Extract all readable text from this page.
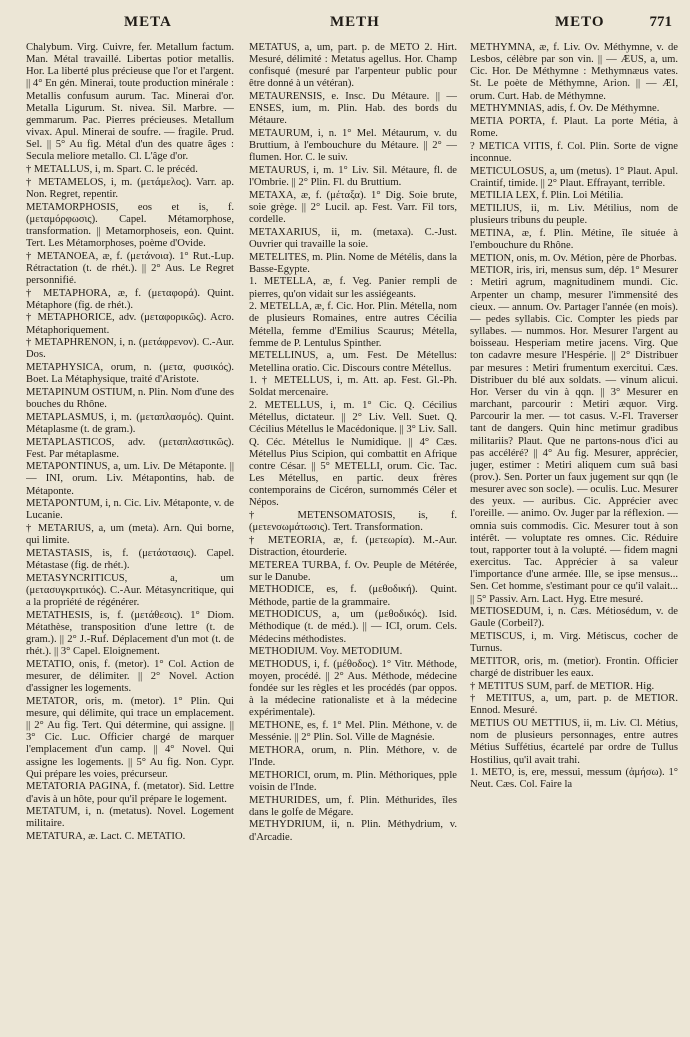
META	METH	METO	771

Chalybum. Virg. Cuivre, fer. Metallum factum. Man. Métal travaillé. Libertas potior metallis. Hor. La liberté plus précieuse que l'or et l'argent. || 4° En gén. Minerai, toute production minérale : Metallis confusum aurum. Tac. Minerai d'or. Metalla Ligurum. St. nivea. Sil. Marbre. — gemmarum. Pac. Pierres précieuses. Metallum vivax. Apul. Minerai de soufre. — fragile. Prud. Sel. || 5° Au fig. Métal d'un des quatre âges : Secula meliore metallo. Cl. L'âge d'or.

† METALLUS, i, m. Spart. C. le précéd.

† METAMELOS, i, m. (μετάμελος). Varr. ap. Non. Regret, repentir.

METAMORPHOSIS, eos et is, f. (μεταμόρφωσις). Capel. Métamorphose, transformation. || Metamorphoseis, eon. Quint. Tert. Les Métamorphoses, poème d'Ovide.

† METANOEA, æ, f. (μετάνοια). 1° Rut.-Lup. Rétractation (t. de rhét.). || 2° Aus. Le Regret personnifié.

† METAPHORA, æ, f. (μεταφορά). Quint. Métaphore (fig. de rhét.).

† METAPHORICE, adv. (μεταφορικῶς). Acro. Métaphoriquement.

† METAPHRENON, i, n. (μετάφρενον). C.-Aur. Dos.

METAPHYSICA, orum, n. (μετα, φυσικός). Boet. La Métaphysique, traité d'Aristote.

METAPINUM OSTIUM, n. Plin. Nom d'une des bouches du Rhône.

METAPLASMUS, i, m. (μεταπλασμός). Quint. Métaplasme (t. de gram.).

METAPLASTICOS, adv. (μεταπλαστικῶς). Fest. Par métaplasme.

METAPONTINUS, a, um. Liv. De Métaponte. || — INI, orum. Liv. Métapontins, hab. de Métaponte.

METAPONTUM, i, n. Cic. Liv. Métaponte, v. de Lucanie.

† METARIUS, a, um (meta). Arn. Qui borne, qui limite.

METASTASIS, is, f. (μετάστασις). Capel. Métastase (fig. de rhét.).

METASYNCRITICUS, a, um (μετασυγκριτικός). C.-Aur. Métasyncritique, qui a la propriété de régénérer.

METATHESIS, is, f. (μετάθεσις). 1° Diom. Métathèse, transposition d'une lettre (t. de gram.). || 2° J.-Ruf. Déplacement d'un mot (t. de rhét.). || 3° Capel. Eloignement.

METATIO, onis, f. (metor). 1° Col. Action de mesurer, de délimiter. || 2° Novel. Action d'assigner les logements.

METATOR, oris, m. (metor). 1° Plin. Qui mesure, qui délimite, qui trace un emplacement. || 2° Au fig. Tert. Qui détermine, qui assigne. || 3° Cic. Luc. Officier chargé de marquer l'emplacement d'un camp. || 4° Novel. Qui assigne les logements. || 5° Au fig. Non. Cypr. Qui prépare les voies, précurseur.

METATORIA PAGINA, f. (metator). Sid. Lettre d'avis à un hôte, pour qu'il prépare le logement.

METATUM, i, n. (metatus). Novel. Logement militaire.

METATURA, æ. Lact. C. METATIO.

METATUS, a, um, part. p. de METO 2. Hirt. Mesuré, délimité : Metatus agellus. Hor. Champ confisqué (mesuré par l'arpenteur public pour être donné à un vétéran).

METAURENSIS, e. Insc. Du Métaure. || — ENSES, ium, m. Plin. Hab. des bords du Métaure.

METAURUM, i, n. 1° Mel. Métaurum, v. du Bruttium, à l'embouchure du Métaure. || 2° — flumen. Hor. C. le suiv.

METAURUS, i, m. 1° Liv. Sil. Métaure, fl. de l'Ombrie. || 2° Plin. Fl. du Bruttium.

METAXA, æ, f. (μέταξα). 1° Dig. Soie brute, soie grège. || 2° Lucil. ap. Fest. Varr. Fil tors, cordelle.

METAXARIUS, ii, m. (metaxa). C.-Just. Ouvrier qui travaille la soie.

METELITES, m. Plin. Nome de Métélis, dans la Basse-Egypte.

1. METELLA, æ, f. Veg. Panier rempli de pierres, qu'on vidait sur les assiégeants.

2. METELLA, æ, f. Cic. Hor. Plin. Métella, nom de plusieurs Romaines, entre autres Cécilia Métella, femme d'Emilius Scaurus; Métella, femme de P. Lentulus Spinther.

METELLINUS, a, um. Fest. De Métellus: Metellina oratio. Cic. Discours contre Métellus.

1. † METELLUS, i, m. Att. ap. Fest. Gl.-Ph. Soldat mercenaire.

2. METELLUS, i, m. 1° Cic. Q. Cécilius Métellus, dictateur. || 2° Liv. Vell. Suet. Q. Cécilius Métellus le Macédonique. || 3° Liv. Sall. Q. Céc. Métellus le Numidique. || 4° Cæs. Métellus Pius Scipion, qui combattit en Afrique contre César. || 5° METELLI, orum. Cic. Tac. Les Métellus, en partic. deux frères contemporains de Cicéron, surnommés Céler et Népos.

† METENSOMATOSIS, is, f. (μετενσωμάτωσις). Tert. Transformation.

† METEORIA, æ, f. (μετεωρία). M.-Aur. Distraction, étourderie.

METEREA TURBA, f. Ov. Peuple de Métérée, sur le Danube.

METHODICE, es, f. (μεθοδική). Quint. Méthode, partie de la grammaire.

METHODICUS, a, um (μεθοδικός). Isid. Méthodique (t. de méd.). || — ICI, orum. Cels. Médecins méthodistes.

METHODIUM. Voy. METODIUM.

METHODUS, i, f. (μέθοδος). 1° Vitr. Méthode, moyen, procédé. || 2° Aus. Méthode, médecine fondée sur les règles et les procédés (par oppos. à la médecine rationaliste et à la médecine expérimentale).

METHONE, es, f. 1° Mel. Plin. Méthone, v. de Messénie. || 2° Plin. Sol. Ville de Magnésie.

METHORA, orum, n. Plin. Méthore, v. de l'Inde.

METHORICI, orum, m. Plin. Méthoriques, pple voisin de l'Inde.

METHURIDES, um, f. Plin. Méthurides, îles dans le golfe de Mégare.

METHYDRIUM, ii, n. Plin. Méthydrium, v. d'Arcadie.

METHYMNA, æ, f. Liv. Ov. Méthymne, v. de Lesbos, célèbre par son vin. || — ÆUS, a, um. Cic. Hor. De Méthymne : Methymnæus vates. St. Le poète de Méthymne, Arion. || — ÆI, orum. Curt. Hab. de Méthymne.

METHYMNIAS, adis, f. Ov. De Méthymne.

METIA PORTA, f. Plaut. La porte Métia, à Rome.

? METICA VITIS, f. Col. Plin. Sorte de vigne inconnue.

METICULOSUS, a, um (metus). 1° Plaut. Apul. Craintif, timide. || 2° Plaut. Effrayant, terrible.

METILIA LEX, f. Plin. Loi Métilia.

METILIUS, ii, m. Liv. Métilius, nom de plusieurs tribuns du peuple.

METINA, æ, f. Plin. Métine, île située à l'embouchure du Rhône.

METION, onis, m. Ov. Métion, père de Phorbas.

METIOR, iris, iri, mensus sum, dép. 1° Mesurer : Metiri agrum, magnitudinem mundi. Cic. Arpenter un champ, mesurer l'immensité des cieux. — annum. Ov. Partager l'année (en mois). — pedes syllabis. Cic. Compter les pieds par syllabes. — nummos. Hor. Mesurer l'argent au boisseau. Hesperiam metire jacens. Virg. Que ton cadavre mesure l'Hespérie. || 2° Distribuer par mesures : Metiri frumentum exercitui. Cæs. Distribuer du blé aux soldats. — vinum alicui. Hor. Verser du vin à qqn. || 3° Mesurer en marchant, parcourir : Metiri æquor. Virg. Parcourir la mer. — tot casus. V.-Fl. Traverser tant de dangers. Quin hinc metimur gradibus militariis? Plaut. Que ne partons-nous d'ici au pas accéléré? || 4° Au fig. Mesurer, apprécier, juger, estimer : Metiri aliquem cum suâ basi (prov.). Sen. Porter un faux jugement sur qqn (le mesurer avec son socle). — oculis. Luc. Mesurer des yeux. — auribus. Cic. Apprécier avec l'oreille. — animo. Ov. Juger par la réflexion. — omnia suis commodis. Cic. Mesurer tout à son intérêt. — voluptate res omnes. Cic. Réduire tout, rapporter tout à la volupté. — fidem magni exercitus. Tac. Apprécier à sa valeur l'importance d'une armée. Ille, se ipse mensus... Sen. Cet homme, s'estimant pour ce qu'il valait... || 5° Passiv. Arn. Lact. Hyg. Etre mesuré.

METIOSEDUM, i, n. Cæs. Métiosédum, v. de Gaule (Corbeil?).

METISCUS, i, m. Virg. Métiscus, cocher de Turnus.

METITOR, oris, m. (metior). Frontin. Officier chargé de distribuer les eaux.

† METITUS SUM, parf. de METIOR. Hig.

† METITUS, a, um, part. p. de METIOR. Ennod. Mesuré.

METIUS OU METTIUS, ii, m. Liv. Cl. Métius, nom de plusieurs personnages, entre autres Métius Suffétius, écartelé par ordre de Tullus Hostilius, qu'il avait trahi.

1. METO, is, ere, messui, messum (ἀμήσω). 1° Neut. Cæs. Col. Faire la
